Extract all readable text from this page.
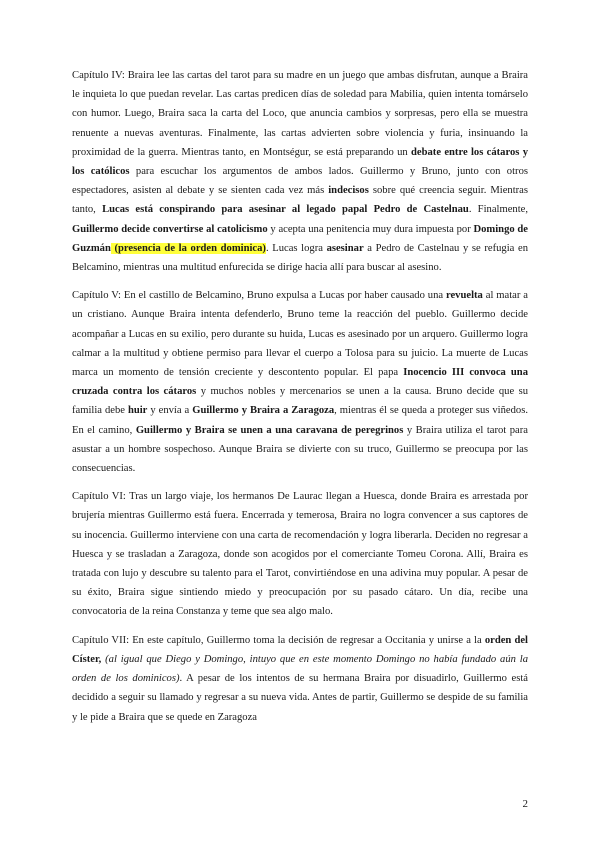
Capítulo IV: Braira lee las cartas del tarot para su madre en un juego que ambas disfrutan, aunque a Braira le inquieta lo que puedan revelar. Las cartas predicen días de soledad para Mabilia, quien intenta tomárselo con humor. Luego, Braira saca la carta del Loco, que anuncia cambios y sorpresas, pero ella se muestra renuente a nuevas aventuras. Finalmente, las cartas advierten sobre violencia y furia, insinuando la proximidad de la guerra. Mientras tanto, en Montségur, se está preparando un debate entre los cátaros y los católicos para escuchar los argumentos de ambos lados. Guillermo y Bruno, junto con otros espectadores, asisten al debate y se sienten cada vez más indecisos sobre qué creencia seguir. Mientras tanto, Lucas está conspirando para asesinar al legado papal Pedro de Castelnau. Finalmente, Guillermo decide convertirse al catolicismo y acepta una penitencia muy dura impuesta por Domingo de Guzmán (presencia de la orden dominica). Lucas logra asesinar a Pedro de Castelnau y se refugia en Belcamino, mientras una multitud enfurecida se dirige hacia allí para buscar al asesino.

Capítulo V: En el castillo de Belcamino, Bruno expulsa a Lucas por haber causado una revuelta al matar a un cristiano. Aunque Braira intenta defenderlo, Bruno teme la reacción del pueblo. Guillermo decide acompañar a Lucas en su exilio, pero durante su huida, Lucas es asesinado por un arquero. Guillermo logra calmar a la multitud y obtiene permiso para llevar el cuerpo a Tolosa para su juicio. La muerte de Lucas marca un momento de tensión creciente y descontento popular. El papa Inocencio III convoca una cruzada contra los cátaros y muchos nobles y mercenarios se unen a la causa. Bruno decide que su familia debe huir y envía a Guillermo y Braira a Zaragoza, mientras él se queda a proteger sus viñedos. En el camino, Guillermo y Braira se unen a una caravana de peregrinos y Braira utiliza el tarot para asustar a un hombre sospechoso. Aunque Braira se divierte con su truco, Guillermo se preocupa por las consecuencias.

Capítulo VI: Tras un largo viaje, los hermanos De Laurac llegan a Huesca, donde Braira es arrestada por brujería mientras Guillermo está fuera. Encerrada y temerosa, Braira no logra convencer a sus captores de su inocencia. Guillermo interviene con una carta de recomendación y logra liberarla. Deciden no regresar a Huesca y se trasladan a Zaragoza, donde son acogidos por el comerciante Tomeu Corona. Allí, Braira es tratada con lujo y descubre su talento para el Tarot, convirtiéndose en una adivina muy popular. A pesar de su éxito, Braira sigue sintiendo miedo y preocupación por su pasado cátaro. Un día, recibe una convocatoria de la reina Constanza y teme que sea algo malo.

Capítulo VII: En este capítulo, Guillermo toma la decisión de regresar a Occitania y unirse a la orden del Císter, (al igual que Diego y Domingo, intuyo que en este momento Domingo no había fundado aún la orden de los dominicos). A pesar de los intentos de su hermana Braira por disuadirlo, Guillermo está decidido a seguir su llamado y regresar a su nueva vida. Antes de partir, Guillermo se despide de su familia y le pide a Braira que se quede en Zaragoza

2
